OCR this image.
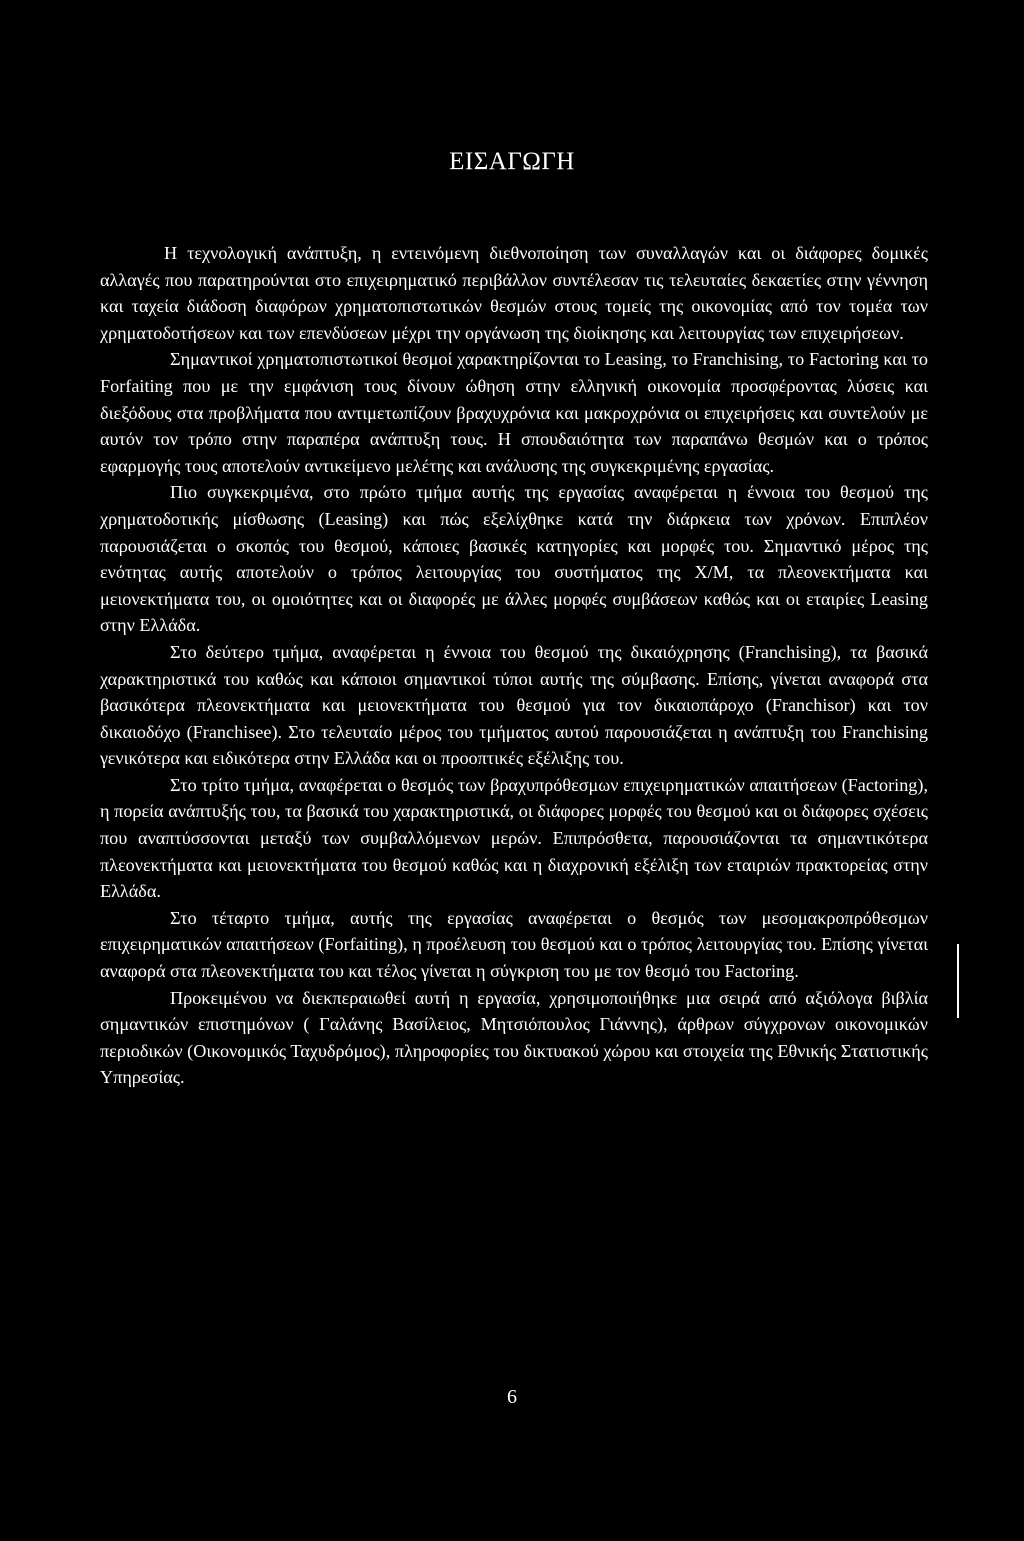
ΕΙΣΑΓΩΓΗ

Η τεχνολογική ανάπτυξη, η εντεινόμενη διεθνοποίηση των συναλλαγών και οι διάφορες δομικές αλλαγές που παρατηρούνται στο επιχειρηματικό περιβάλλον συντέλεσαν τις τελευταίες δεκαετίες στην γέννηση και ταχεία διάδοση διαφόρων χρηματοπιστωτικών θεσμών στους τομείς της οικονομίας από τον τομέα των χρηματοδοτήσεων και των επενδύσεων μέχρι την οργάνωση της διοίκησης και λειτουργίας των επιχειρήσεων.

Σημαντικοί χρηματοπιστωτικοί θεσμοί χαρακτηρίζονται το Leasing, το Franchising, το Factoring και το Forfaiting που με την εμφάνιση τους δίνουν ώθηση στην ελληνική οικονομία προσφέροντας λύσεις και διεξόδους στα προβλήματα που αντιμετωπίζουν βραχυχρόνια και μακροχρόνια οι επιχειρήσεις και συντελούν με αυτόν τον τρόπο στην παραπέρα ανάπτυξη τους. Η σπουδαιότητα των παραπάνω θεσμών και ο τρόπος εφαρμογής τους αποτελούν αντικείμενο μελέτης και ανάλυσης της συγκεκριμένης εργασίας.

Πιο συγκεκριμένα, στο πρώτο τμήμα αυτής της εργασίας αναφέρεται η έννοια του θεσμού της χρηματοδοτικής μίσθωσης (Leasing) και πώς εξελίχθηκε κατά την διάρκεια των χρόνων. Επιπλέον παρουσιάζεται ο σκοπός του θεσμού, κάποιες βασικές κατηγορίες και μορφές του. Σημαντικό μέρος της ενότητας αυτής αποτελούν ο τρόπος λειτουργίας του συστήματος της Χ/Μ, τα πλεονεκτήματα και μειονεκτήματα του, οι ομοιότητες και οι διαφορές με άλλες μορφές συμβάσεων καθώς και οι εταιρίες Leasing στην Ελλάδα.

Στο δεύτερο τμήμα, αναφέρεται η έννοια του θεσμού της δικαιόχρησης (Franchising), τα βασικά χαρακτηριστικά του καθώς και κάποιοι σημαντικοί τύποι αυτής της σύμβασης. Επίσης, γίνεται αναφορά στα βασικότερα πλεονεκτήματα και μειονεκτήματα του θεσμού για τον δικαιοπάροχο (Franchisor) και τον δικαιοδόχο (Franchisee). Στο τελευταίο μέρος του τμήματος αυτού παρουσιάζεται η ανάπτυξη του Franchising γενικότερα και ειδικότερα στην Ελλάδα και οι προοπτικές εξέλιξης του.

Στο τρίτο τμήμα, αναφέρεται ο θεσμός των βραχυπρόθεσμων επιχειρηματικών απαιτήσεων (Factoring), η πορεία ανάπτυξής του, τα βασικά του χαρακτηριστικά, οι διάφορες μορφές του θεσμού και οι διάφορες σχέσεις που αναπτύσσονται μεταξύ των συμβαλλόμενων μερών. Επιπρόσθετα, παρουσιάζονται τα σημαντικότερα πλεονεκτήματα και μειονεκτήματα του θεσμού καθώς και η διαχρονική εξέλιξη των εταιριών πρακτορείας στην Ελλάδα.

Στο τέταρτο τμήμα, αυτής της εργασίας αναφέρεται ο θεσμός των μεσομακροπρόθεσμων επιχειρηματικών απαιτήσεων (Forfaiting), η προέλευση του θεσμού και ο τρόπος λειτουργίας του. Επίσης γίνεται αναφορά στα πλεονεκτήματα του και τέλος γίνεται η σύγκριση του με τον θεσμό του Factoring.

Προκειμένου να διεκπεραιωθεί αυτή η εργασία, χρησιμοποιήθηκε μια σειρά από αξιόλογα βιβλία σημαντικών επιστημόνων ( Γαλάνης Βασίλειος, Μητσιόπουλος Γιάννης), άρθρων σύγχρονων οικονομικών περιοδικών (Οικονομικός Ταχυδρόμος), πληροφορίες του δικτυακού χώρου και στοιχεία της Εθνικής Στατιστικής Υπηρεσίας.

6
